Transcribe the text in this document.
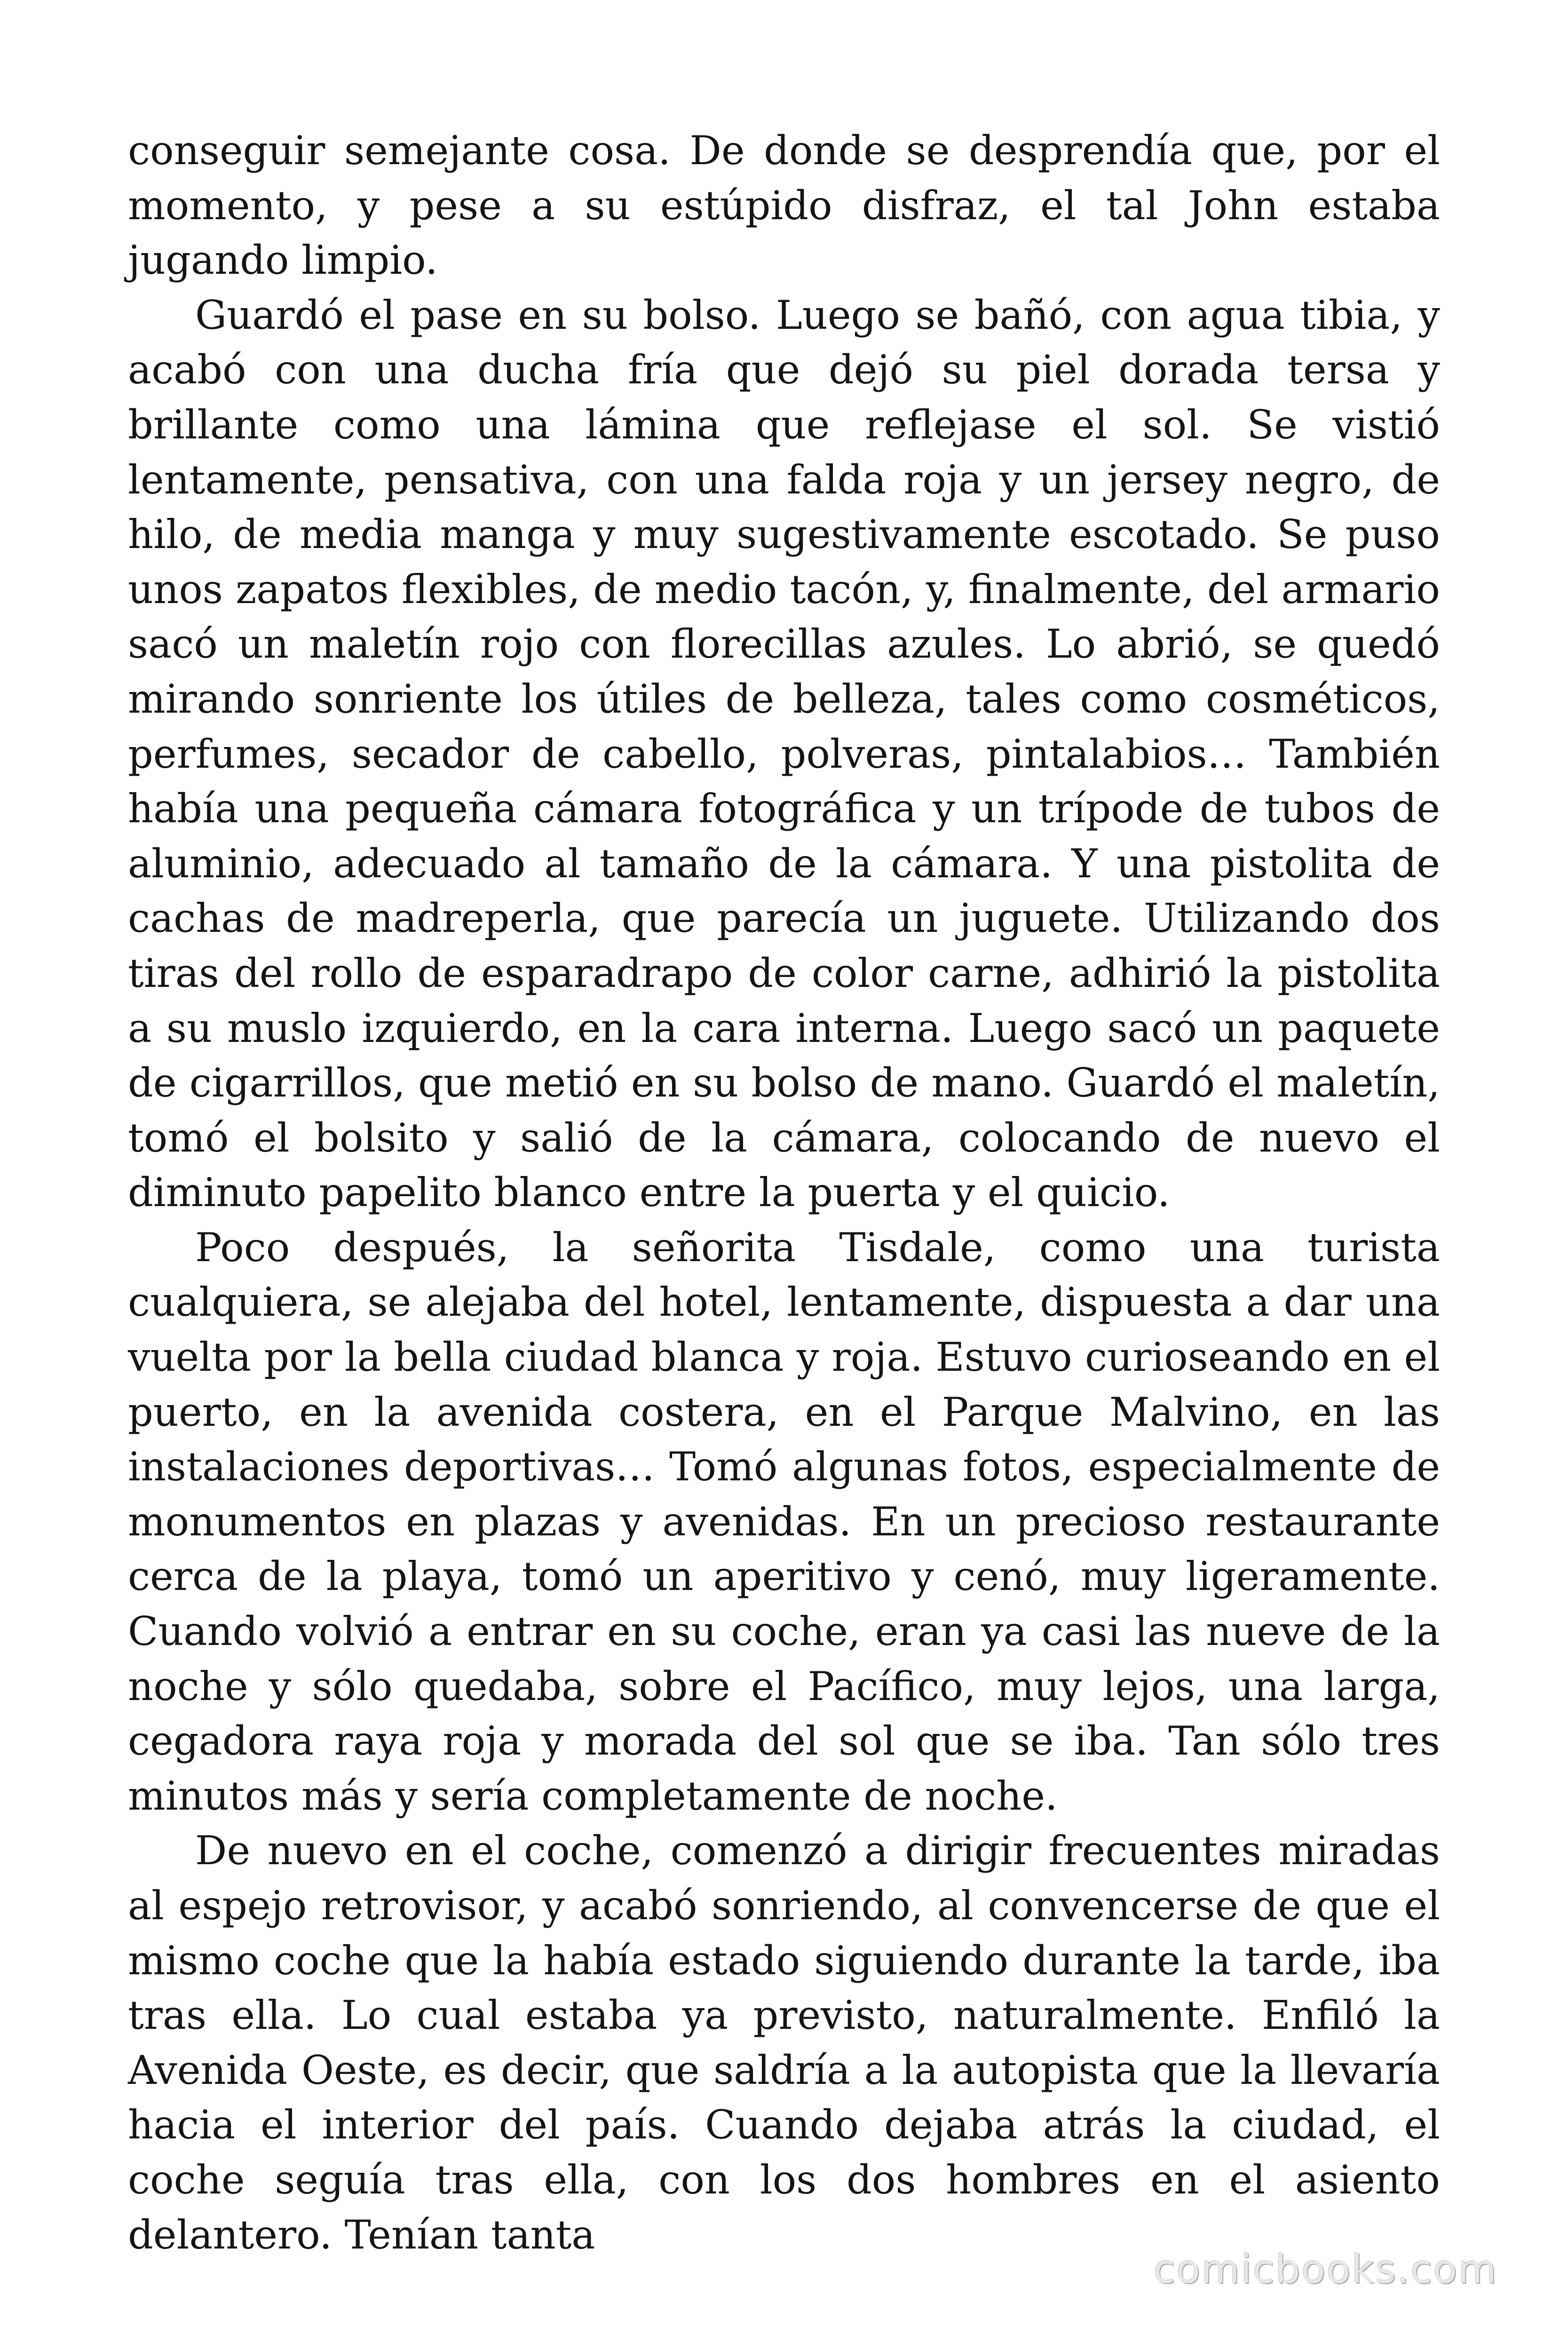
conseguir semejante cosa. De donde se desprendía que, por el momento, y pese a su estúpido disfraz, el tal John estaba jugando limpio.

Guardó el pase en su bolso. Luego se bañó, con agua tibia, y acabó con una ducha fría que dejó su piel dorada tersa y brillante como una lámina que reflejase el sol. Se vistió lentamente, pensativa, con una falda roja y un jersey negro, de hilo, de media manga y muy sugestivamente escotado. Se puso unos zapatos flexibles, de medio tacón, y, finalmente, del armario sacó un maletín rojo con florecillas azules. Lo abrió, se quedó mirando sonriente los útiles de belleza, tales como cosméticos, perfumes, secador de cabello, polveras, pintalabios… También había una pequeña cámara fotográfica y un trípode de tubos de aluminio, adecuado al tamaño de la cámara. Y una pistolita de cachas de madreperla, que parecía un juguete. Utilizando dos tiras del rollo de esparadrapo de color carne, adhirió la pistolita a su muslo izquierdo, en la cara interna. Luego sacó un paquete de cigarrillos, que metió en su bolso de mano. Guardó el maletín, tomó el bolsito y salió de la cámara, colocando de nuevo el diminuto papelito blanco entre la puerta y el quicio.

Poco después, la señorita Tisdale, como una turista cualquiera, se alejaba del hotel, lentamente, dispuesta a dar una vuelta por la bella ciudad blanca y roja. Estuvo curioseando en el puerto, en la avenida costera, en el Parque Malvino, en las instalaciones deportivas… Tomó algunas fotos, especialmente de monumentos en plazas y avenidas. En un precioso restaurante cerca de la playa, tomó un aperitivo y cenó, muy ligeramente. Cuando volvió a entrar en su coche, eran ya casi las nueve de la noche y sólo quedaba, sobre el Pacífico, muy lejos, una larga, cegadora raya roja y morada del sol que se iba. Tan sólo tres minutos más y sería completamente de noche.

De nuevo en el coche, comenzó a dirigir frecuentes miradas al espejo retrovisor, y acabó sonriendo, al convencerse de que el mismo coche que la había estado siguiendo durante la tarde, iba tras ella. Lo cual estaba ya previsto, naturalmente. Enfiló la Avenida Oeste, es decir, que saldría a la autopista que la llevaría hacia el interior del país. Cuando dejaba atrás la ciudad, el coche seguía tras ella, con los dos hombres en el asiento delantero. Tenían tanta

comicbooks.com
